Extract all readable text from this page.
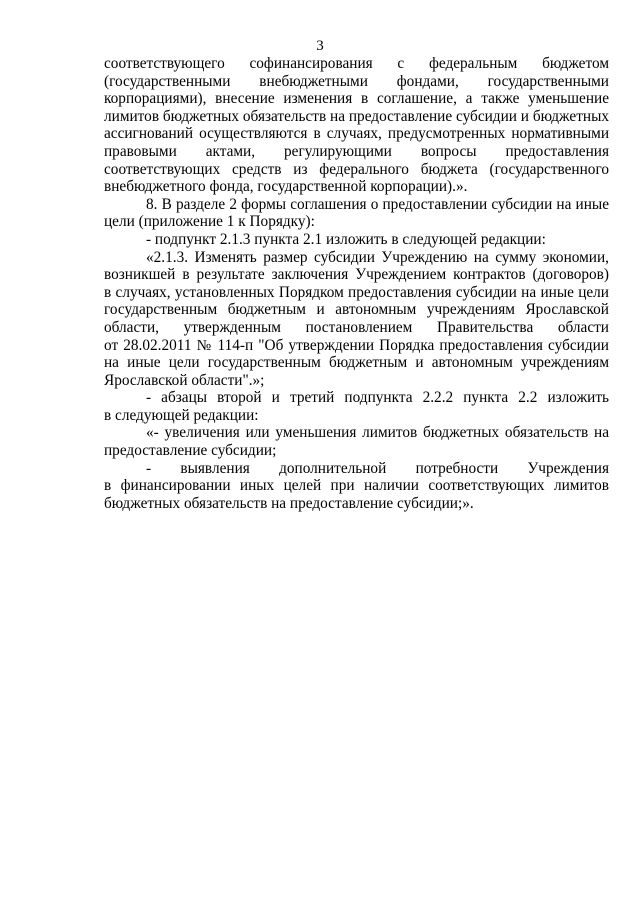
3
соответствующего софинансирования с федеральным бюджетом
(государственными внебюджетными фондами, государственными
корпорациями), внесение изменения в соглашение, а также уменьшение
лимитов бюджетных обязательств на предоставление субсидии и бюджетных
ассигнований осуществляются в случаях, предусмотренных нормативными
правовыми актами, регулирующими вопросы предоставления
соответствующих средств из федерального бюджета (государственного
внебюджетного фонда, государственной корпорации).».
8. В разделе 2 формы соглашения о предоставлении субсидии на иные
цели (приложение 1 к Порядку):
- подпункт 2.1.3 пункта 2.1 изложить в следующей редакции:
«2.1.3. Изменять размер субсидии Учреждению на сумму экономии,
возникшей в результате заключения Учреждением контрактов (договоров)
в случаях, установленных Порядком предоставления субсидии на иные цели
государственным бюджетным и автономным учреждениям Ярославской
области, утвержденным постановлением Правительства области
от 28.02.2011 № 114-п "Об утверждении Порядка предоставления субсидии
на иные цели государственным бюджетным и автономным учреждениям
Ярославской области".»;
- абзацы второй и третий подпункта 2.2.2 пункта 2.2 изложить
в следующей редакции:
«- увеличения или уменьшения лимитов бюджетных обязательств на
предоставление субсидии;
- выявления дополнительной потребности Учреждения
в финансировании иных целей при наличии соответствующих лимитов
бюджетных обязательств на предоставление субсидии;».
